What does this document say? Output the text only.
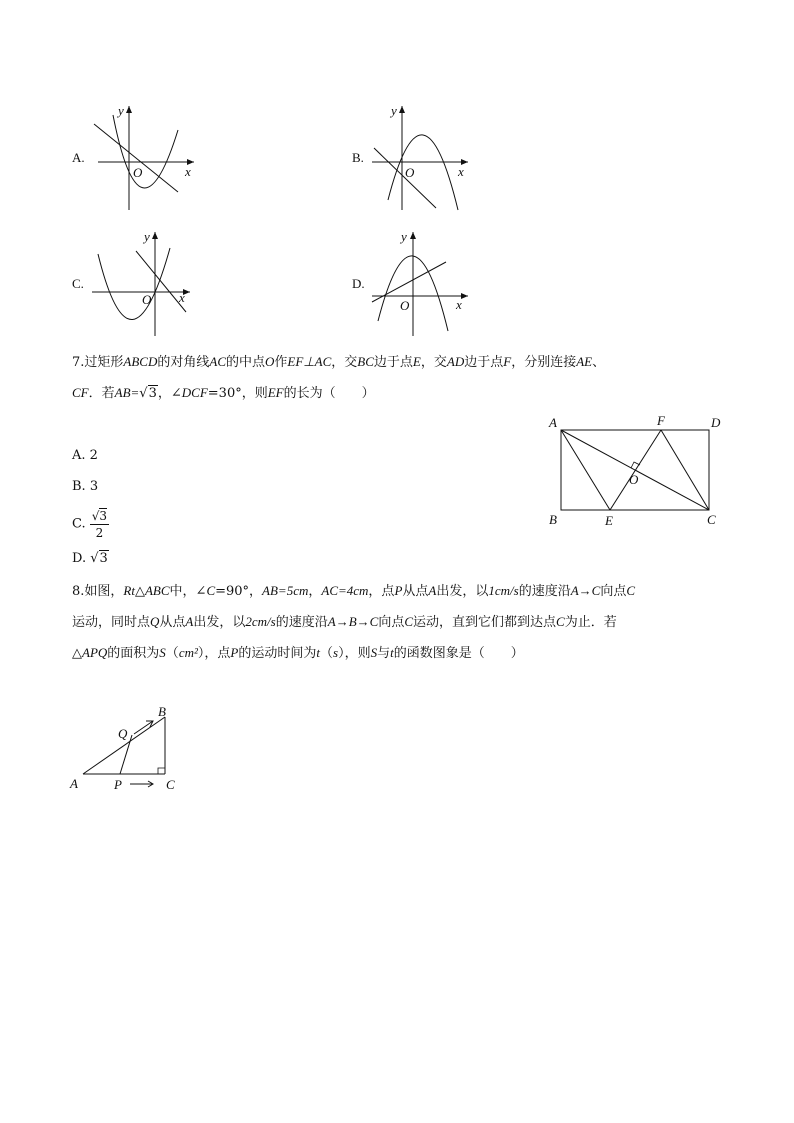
A.
y
x
O
B.
y
x
O
C.
y
x
O
D.
y
x
O
7.过矩形ABCD的对角线AC的中点O作EF⊥AC，交BC边于点E，交AD边于点F，分别连接AE、
CF．若AB=√3，∠DCF=30°，则EF的长为（　　）
A. 2
B. 3
C. $\frac{√3}{2}$
D. √3
A	F	D
B	E	C
O
8.如图，Rt△ABC中，∠C=90°，AB=5cm，AC=4cm，点P从点A出发，以1cm/s的速度沿A→C向点C
运动，同时点Q从点A出发，以2cm/s的速度沿A→B→C向点C运动，直到它们都到达点C为止．若
△APQ的面积为S（cm²），点P的运动时间为t（s），则S与t的函数图象是（　　）
A
B
C
P
Q
